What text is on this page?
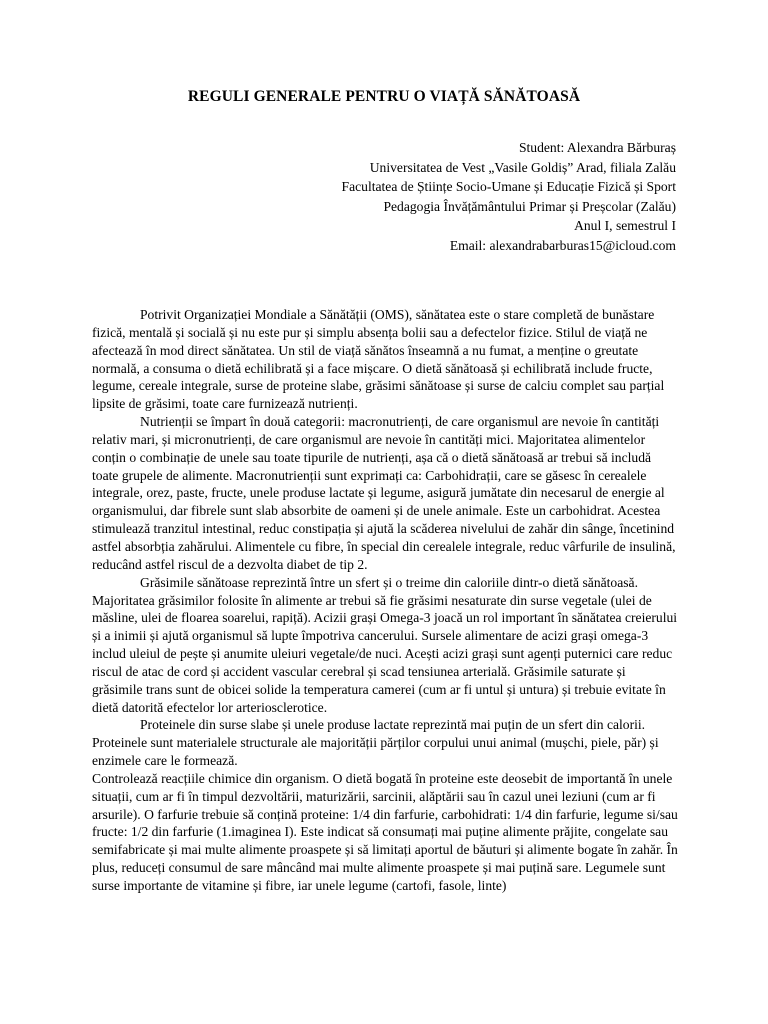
REGULI GENERALE PENTRU O VIAȚĂ SĂNĂTOASĂ
Student: Alexandra Bărburaș
Universitatea de Vest „Vasile Goldiș” Arad, filiala Zalău
Facultatea de Științe Socio-Umane și Educație Fizică și Sport
Pedagogia Învățământului Primar și Preșcolar (Zalău)
Anul I, semestrul I
Email: alexandrabarburas15@icloud.com

Potrivit Organizației Mondiale a Sănătății (OMS), sănătatea este o stare completă de bunăstare fizică, mentală și socială și nu este pur și simplu absența bolii sau a defectelor fizice. Stilul de viață ne afectează în mod direct sănătatea. Un stil de viață sănătos înseamnă a nu fumat, a menține o greutate normală, a consuma o dietă echilibrată și a face mișcare. O dietă sănătoasă și echilibrată include fructe, legume, cereale integrale, surse de proteine slabe, grăsimi sănătoase și surse de calciu complet sau parțial lipsite de grăsimi, toate care furnizează nutrienți.

Nutrienții se împart în două categorii: macronutrienți, de care organismul are nevoie în cantități relativ mari, și micronutrienți, de care organismul are nevoie în cantități mici. Majoritatea alimentelor conțin o combinație de unele sau toate tipurile de nutrienți, așa că o dietă sănătoasă ar trebui să includă toate grupele de alimente. Macronutrienții sunt exprimați ca: Carbohidrații, care se găsesc în cerealele integrale, orez, paste, fructe, unele produse lactate și legume, asigură jumătate din necesarul de energie al organismului, dar fibrele sunt slab absorbite de oameni și de unele animale. Este un carbohidrat. Acestea stimulează tranzitul intestinal, reduc constipația și ajută la scăderea nivelului de zahăr din sânge, încetinind astfel absorbția zahărului. Alimentele cu fibre, în special din cerealele integrale, reduc vârfurile de insulină, reducând astfel riscul de a dezvolta diabet de tip 2.

Grăsimile sănătoase reprezintă între un sfert și o treime din caloriile dintr-o dietă sănătoasă. Majoritatea grăsimilor folosite în alimente ar trebui să fie grăsimi nesaturate din surse vegetale (ulei de măsline, ulei de floarea soarelui, rapiță). Acizii grași Omega-3 joacă un rol important în sănătatea creierului și a inimii și ajută organismul să lupte împotriva cancerului. Sursele alimentare de acizi grași omega-3 includ uleiul de pește și anumite uleiuri vegetale/de nuci. Acești acizi grași sunt agenți puternici care reduc riscul de atac de cord și accident vascular cerebral și scad tensiunea arterială. Grăsimile saturate și grăsimile trans sunt de obicei solide la temperatura camerei (cum ar fi untul și untura) și trebuie evitate în dietă datorită efectelor lor arteriosclerotice.

Proteinele din surse slabe și unele produse lactate reprezintă mai puțin de un sfert din calorii. Proteinele sunt materialele structurale ale majorității părților corpului unui animal (mușchi, piele, păr) și enzimele care le formează.

Controlează reacțiile chimice din organism. O dietă bogată în proteine este deosebit de importantă în unele situații, cum ar fi în timpul dezvoltării, maturizării, sarcinii, alăptării sau în cazul unei leziuni (cum ar fi arsurile). O farfurie trebuie să conțină proteine: 1/4 din farfurie, carbohidrati: 1/4 din farfurie, legume si/sau fructe: 1/2 din farfurie (1.imaginea I). Este indicat să consumați mai puține alimente prăjite, congelate sau semifabricate și mai multe alimente proaspete și să limitați aportul de băuturi și alimente bogate în zahăr. În plus, reduceți consumul de sare mâncând mai multe alimente proaspete și mai puțină sare. Legumele sunt surse importante de vitamine și fibre, iar unele legume (cartofi, fasole, linte)
